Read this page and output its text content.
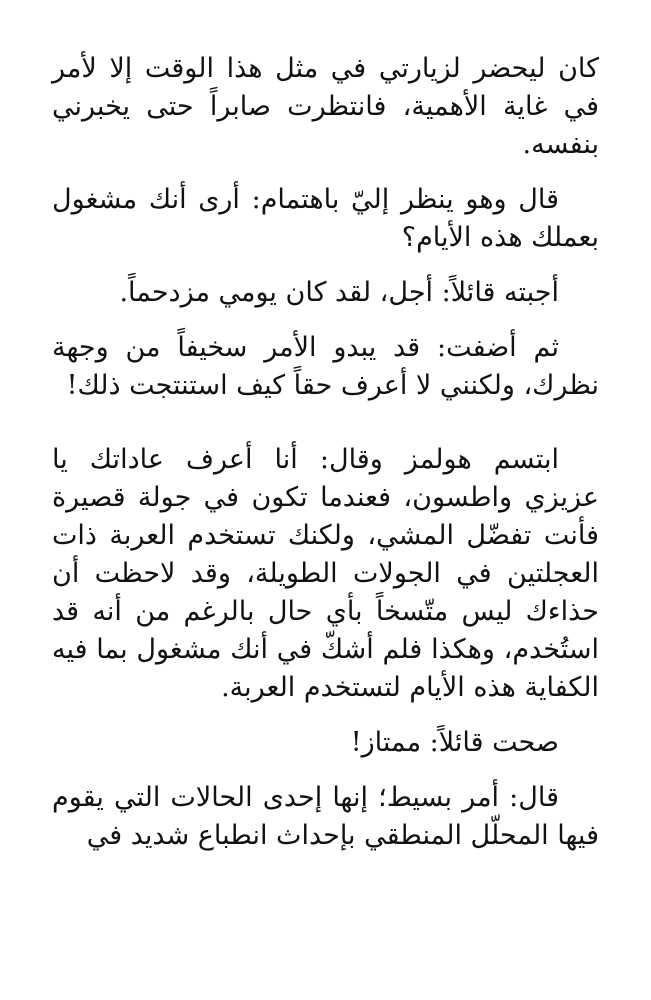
كان ليحضر لزيارتي في مثل هذا الوقت إلا لأمر في غاية الأهمية، فانتظرت صابراً حتى يخبرني بنفسه.

قال وهو ينظر إليّ باهتمام: أرى أنك مشغول بعملك هذه الأيام؟

أجبته قائلاً: أجل، لقد كان يومي مزدحماً.

ثم أضفت: قد يبدو الأمر سخيفاً من وجهة نظرك، ولكنني لا أعرف حقاً كيف استنتجت ذلك!

ابتسم هولمز وقال: أنا أعرف عاداتك يا عزيزي واطسون، فعندما تكون في جولة قصيرة فأنت تفضّل المشي، ولكنك تستخدم العربة ذات العجلتين في الجولات الطويلة، وقد لاحظت أن حذاءك ليس متّسخاً بأي حال بالرغم من أنه قد استُخدم، وهكذا فلم أشكّ في أنك مشغول بما فيه الكفاية هذه الأيام لتستخدم العربة.

صحت قائلاً: ممتاز!

قال: أمر بسيط؛ إنها إحدى الحالات التي يقوم فيها المحلّل المنطقي بإحداث انطباع شديد في
